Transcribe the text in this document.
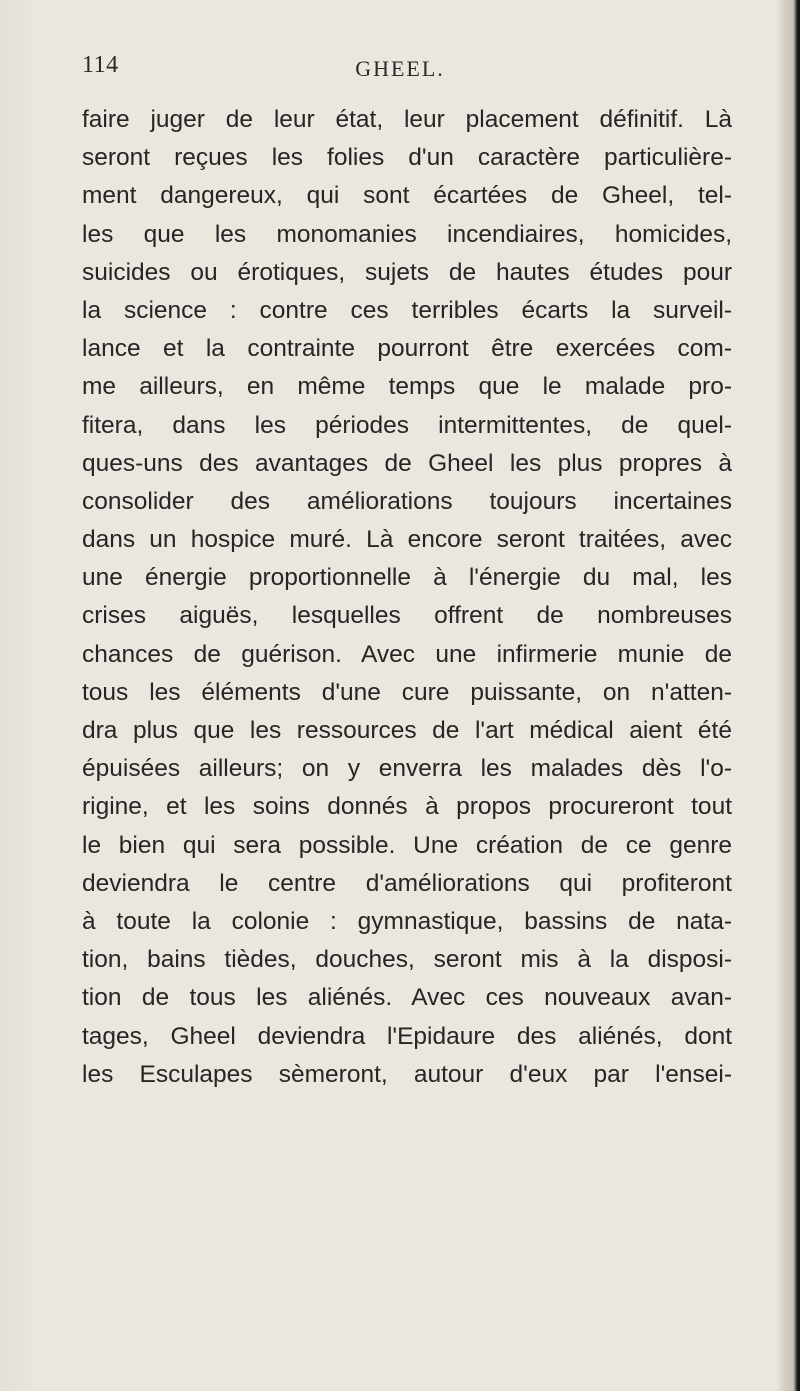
114	GHEEL.
faire juger de leur état, leur placement définitif. Là
seront reçues les folies d'un caractère particulière-
ment dangereux, qui sont écartées de Gheel, tel-
les que les monomanies incendiaires, homicides,
suicides ou érotiques, sujets de hautes études pour
la science : contre ces terribles écarts la surveil-
lance et la contrainte pourront être exercées com-
me ailleurs, en même temps que le malade pro-
fitera, dans les périodes intermittentes, de quel-
ques-uns des avantages de Gheel les plus propres à
consolider des améliorations toujours incertaines
dans un hospice muré. Là encore seront traitées, avec
une énergie proportionnelle à l'énergie du mal, les
crises aiguës, lesquelles offrent de nombreuses
chances de guérison. Avec une infirmerie munie de
tous les éléments d'une cure puissante, on n'atten-
dra plus que les ressources de l'art médical aient été
épuisées ailleurs; on y enverra les malades dès l'o-
rigine, et les soins donnés à propos procureront tout
le bien qui sera possible. Une création de ce genre
deviendra le centre d'améliorations qui profiteront
à toute la colonie : gymnastique, bassins de nata-
tion, bains tièdes, douches, seront mis à la disposi-
tion de tous les aliénés. Avec ces nouveaux avan-
tages, Gheel deviendra l'Epidaure des aliénés, dont
les Esculapes sèmeront, autour d'eux par l'ensei-
